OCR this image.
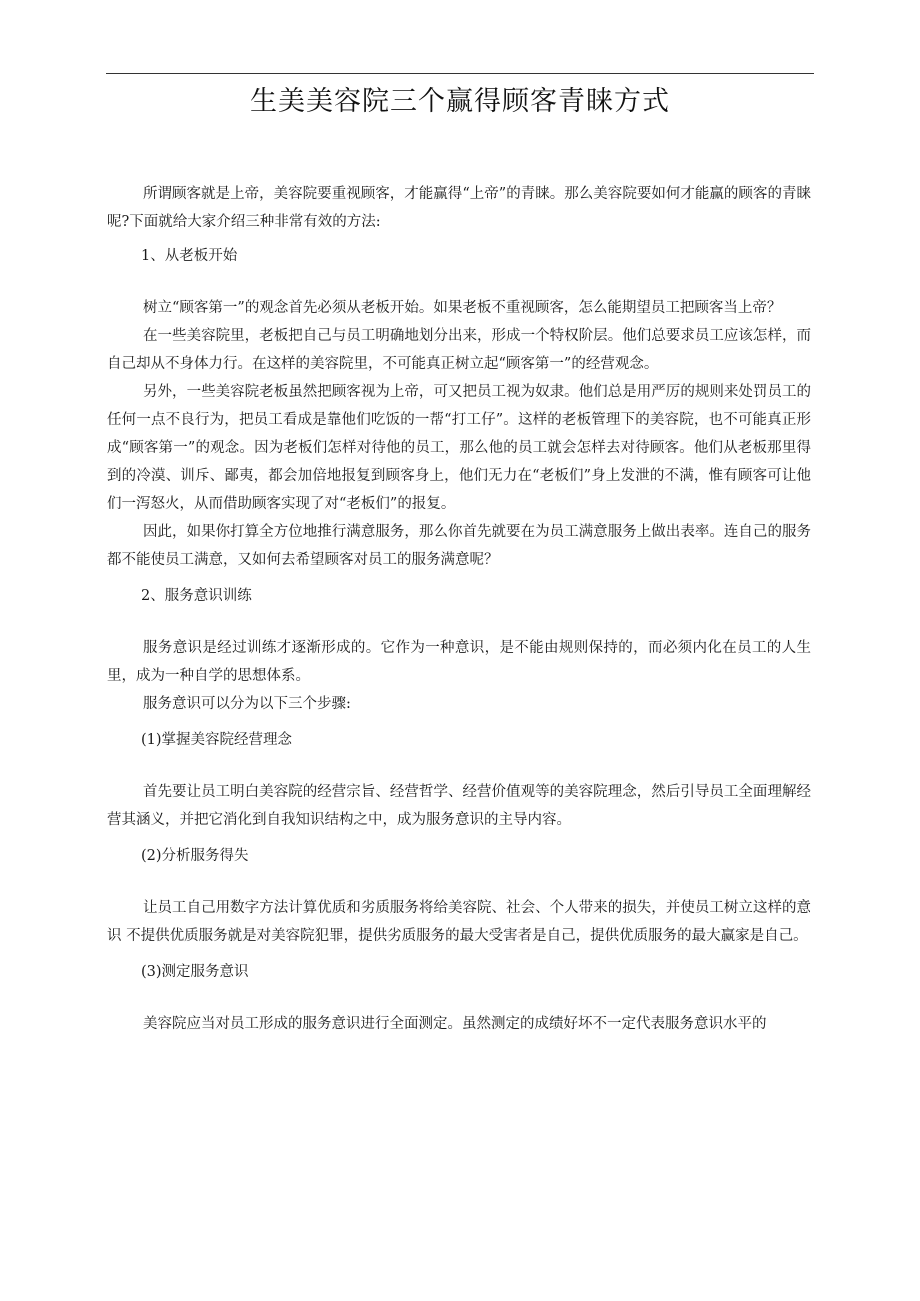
生美美容院三个赢得顾客青睐方式

所谓顾客就是上帝，美容院要重视顾客，才能赢得“上帝”的青睐。那么美容院要如何才能赢的顾客的青睐呢?下面就给大家介绍三种非常有效的方法:

1、从老板开始

树立“顾客第一”的观念首先必须从老板开始。如果老板不重视顾客，怎么能期望员工把顾客当上帝？

在一些美容院里，老板把自己与员工明确地划分出来，形成一个特权阶层。他们总要求员工应该怎样，而自己却从不身体力行。在这样的美容院里，不可能真正树立起“顾客第一”的经营观念。

另外，一些美容院老板虽然把顾客视为上帝，可又把员工视为奴隶。他们总是用严厉的规则来处罚员工的任何一点不良行为，把员工看成是靠他们吃饭的一帮“打工仔”。这样的老板管理下的美容院，也不可能真正形成“顾客第一”的观念。因为老板们怎样对待他的员工，那么他的员工就会怎样去对待顾客。他们从老板那里得到的冷漠、训斥、鄙夷，都会加倍地报复到顾客身上，他们无力在“老板们”身上发泄的不满，惟有顾客可让他们一泻怒火，从而借助顾客实现了对“老板们”的报复。

因此，如果你打算全方位地推行满意服务，那么你首先就要在为员工满意服务上做出表率。连自己的服务都不能使员工满意，又如何去希望顾客对员工的服务满意呢？

2、服务意识训练

服务意识是经过训练才逐渐形成的。它作为一种意识，是不能由规则保持的，而必须内化在员工的人生里，成为一种自学的思想体系。

服务意识可以分为以下三个步骤:

(1)掌握美容院经营理念

首先要让员工明白美容院的经营宗旨、经营哲学、经营价值观等的美容院理念，然后引导员工全面理解经营其涵义，并把它消化到自我知识结构之中，成为服务意识的主导内容。

(2)分析服务得失

让员工自己用数字方法计算优质和劣质服务将给美容院、社会、个人带来的损失，并使员工树立这样的意识 不提供优质服务就是对美容院犯罪，提供劣质服务的最大受害者是自己，提供优质服务的最大赢家是自己。

(3)测定服务意识

美容院应当对员工形成的服务意识进行全面测定。虽然测定的成绩好坏不一定代表服务意识水平的
